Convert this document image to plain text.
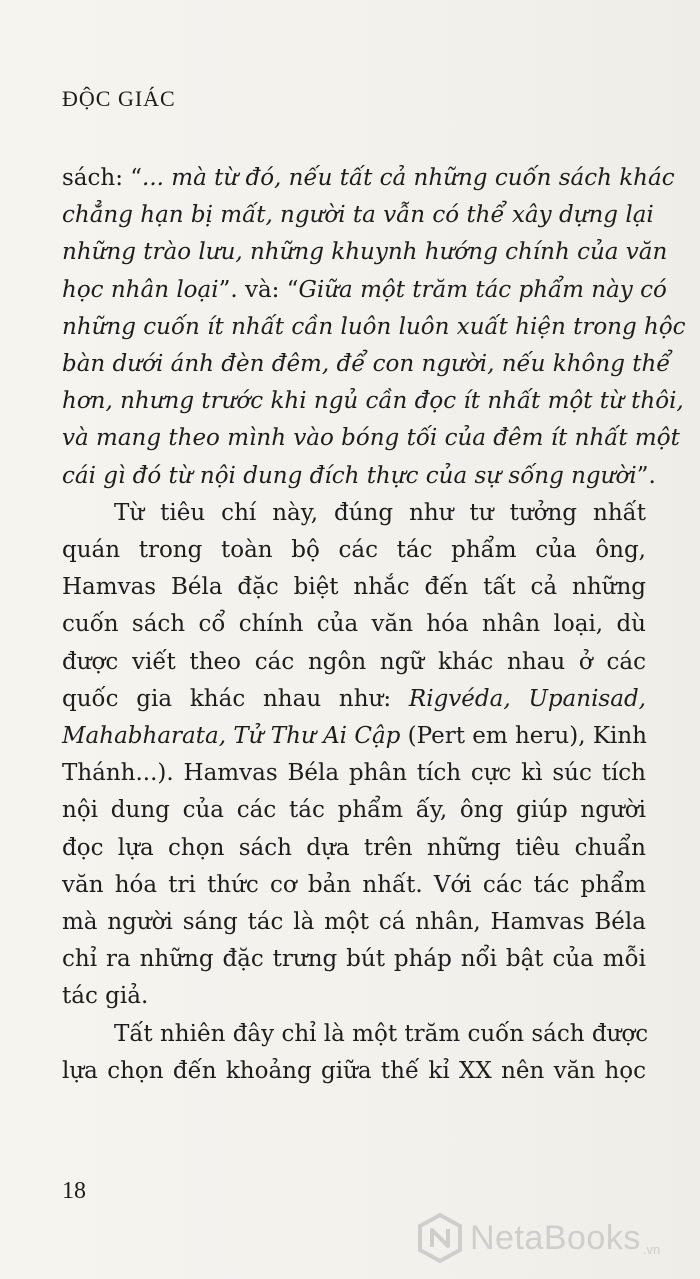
ĐỘC GIÁC
sách: “... mà từ đó, nếu tất cả những cuốn sách khác
chẳng hạn bị mất, người ta vẫn có thể xây dựng lại
những trào lưu, những khuynh hướng chính của văn
học nhân loại”. và: “Giữa một trăm tác phẩm này có
những cuốn ít nhất cần luôn luôn xuất hiện trong hộc
bàn dưới ánh đèn đêm, để con người, nếu không thể
hơn, nhưng trước khi ngủ cần đọc ít nhất một từ thôi,
và mang theo mình vào bóng tối của đêm ít nhất một
cái gì đó từ nội dung đích thực của sự sống người”.
Từ tiêu chí này, đúng như tư tưởng nhất
quán trong toàn bộ các tác phẩm của ông,
Hamvas Béla đặc biệt nhắc đến tất cả những
cuốn sách cổ chính của văn hóa nhân loại, dù
được viết theo các ngôn ngữ khác nhau ở các
quốc gia khác nhau như: Rigvéda, Upanisad,
Mahabharata, Tử Thư Ai Cập (Pert em heru), Kinh
Thánh...). Hamvas Béla phân tích cực kì súc tích
nội dung của các tác phẩm ấy, ông giúp người
đọc lựa chọn sách dựa trên những tiêu chuẩn
văn hóa tri thức cơ bản nhất. Với các tác phẩm
mà người sáng tác là một cá nhân, Hamvas Béla
chỉ ra những đặc trưng bút pháp nổi bật của mỗi
tác giả.
Tất nhiên đây chỉ là một trăm cuốn sách được
lựa chọn đến khoảng giữa thế kỉ XX nên văn học
18
NetaBooks .vn
